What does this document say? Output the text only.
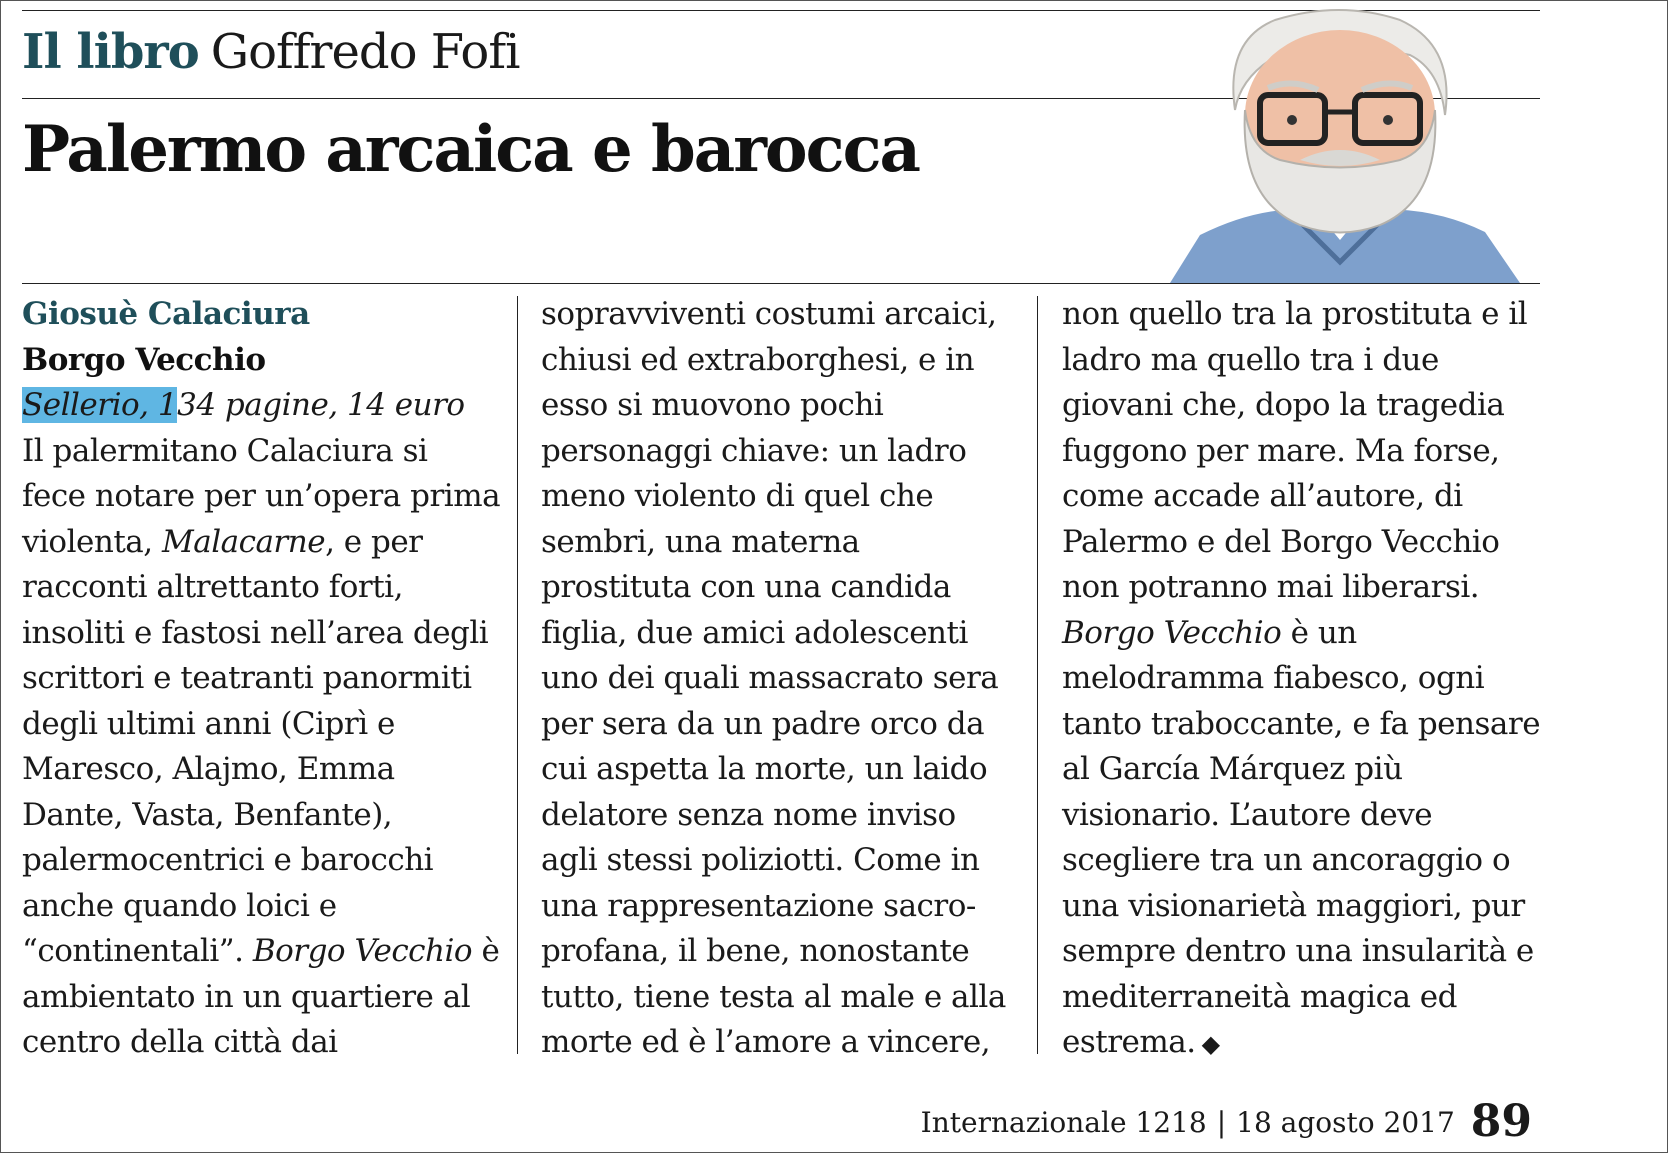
Il libro Goffredo Fofi
Palermo arcaica e barocca
Giosuè Calaciura
Borgo Vecchio
Sellerio, 134 pagine, 14 euro
Il palermitano Calaciura si
fece notare per un’opera prima
violenta, Malacarne, e per
racconti altrettanto forti,
insoliti e fastosi nell’area degli
scrittori e teatranti panormiti
degli ultimi anni (Ciprì e
Maresco, Alajmo, Emma
Dante, Vasta, Benfante),
palermocentrici e barocchi
anche quando loici e
“continentali”. Borgo Vecchio è
ambientato in un quartiere al
centro della città dai
sopravviventi costumi arcaici,
chiusi ed extraborghesi, e in
esso si muovono pochi
personaggi chiave: un ladro
meno violento di quel che
sembri, una materna
prostituta con una candida
figlia, due amici adolescenti
uno dei quali massacrato sera
per sera da un padre orco da
cui aspetta la morte, un laido
delatore senza nome inviso
agli stessi poliziotti. Come in
una rappresentazione sacro-
profana, il bene, nonostante
tutto, tiene testa al male e alla
morte ed è l’amore a vincere,
non quello tra la prostituta e il
ladro ma quello tra i due
giovani che, dopo la tragedia
fuggono per mare. Ma forse,
come accade all’autore, di
Palermo e del Borgo Vecchio
non potranno mai liberarsi.
Borgo Vecchio è un
melodramma fiabesco, ogni
tanto traboccante, e fa pensare
al García Márquez più
visionario. L’autore deve
scegliere tra un ancoraggio o
una visionarietà maggiori, pur
sempre dentro una insularità e
mediterraneità magica ed
estrema. ◆
Internazionale 1218 | 18 agosto 2017 89
